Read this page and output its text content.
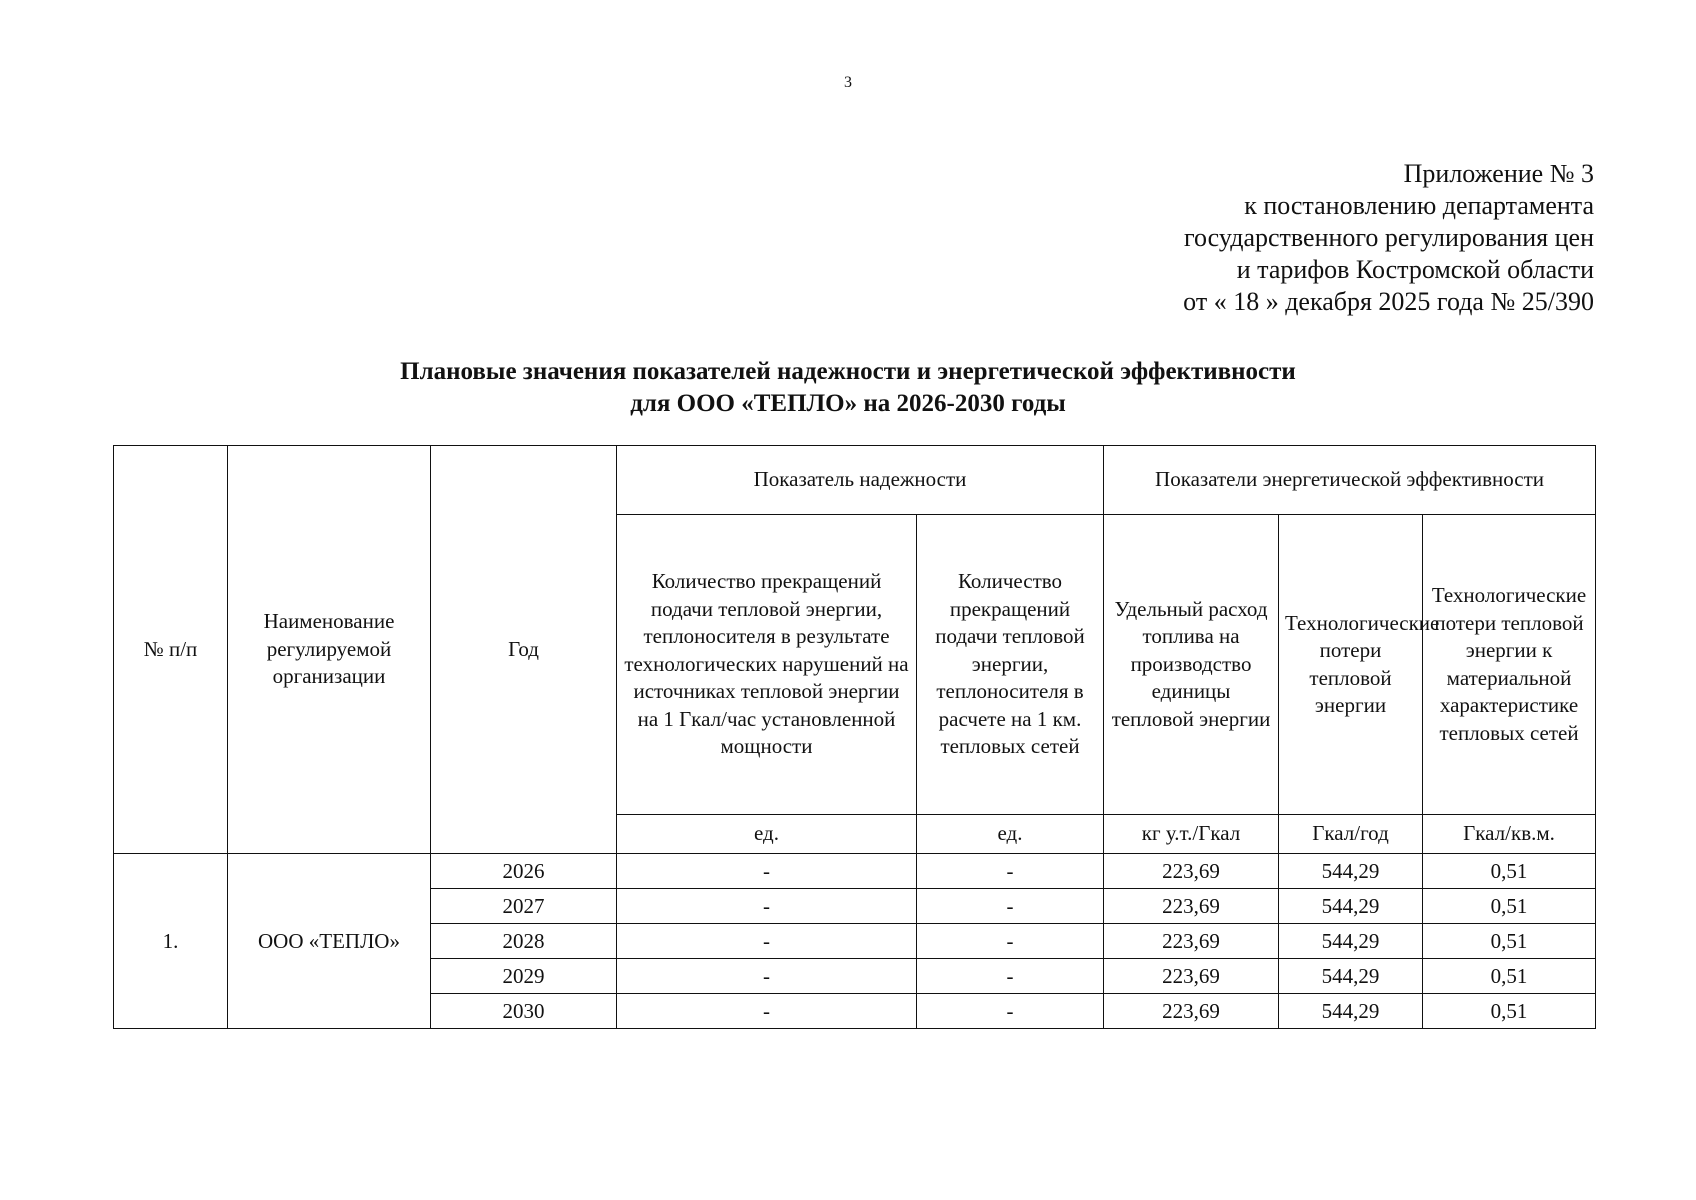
3
Приложение № 3
к постановлению департамента
государственного регулирования цен
и тарифов Костромской области
от « 18 » декабря 2025 года № 25/390
Плановые значения показателей надежности и энергетической эффективности
для ООО «ТЕПЛО» на 2026-2030 годы
№ п/п	Наименование регулируемой организации	Год	Показатель надежности		Показатели энергетической эффективности		
			Количество прекращений подачи тепловой энергии, теплоносителя в результате технологических нарушений на источниках тепловой энергии на 1 Гкал/час установленной мощности	Количество прекращений подачи тепловой энергии, теплоносителя в расчете на 1 км. тепловых сетей	Удельный расход топлива на производство единицы тепловой энергии	Технологические потери тепловой энергии	Технологические потери тепловой энергии к материальной характеристике тепловых сетей
			ед.	ед.	кг у.т./Гкал	Гкал/год	Гкал/кв.м.
1.	ООО «ТЕПЛО»	2026	-	-	223,69	544,29	0,51
		2027	-	-	223,69	544,29	0,51
		2028	-	-	223,69	544,29	0,51
		2029	-	-	223,69	544,29	0,51
		2030	-	-	223,69	544,29	0,51
